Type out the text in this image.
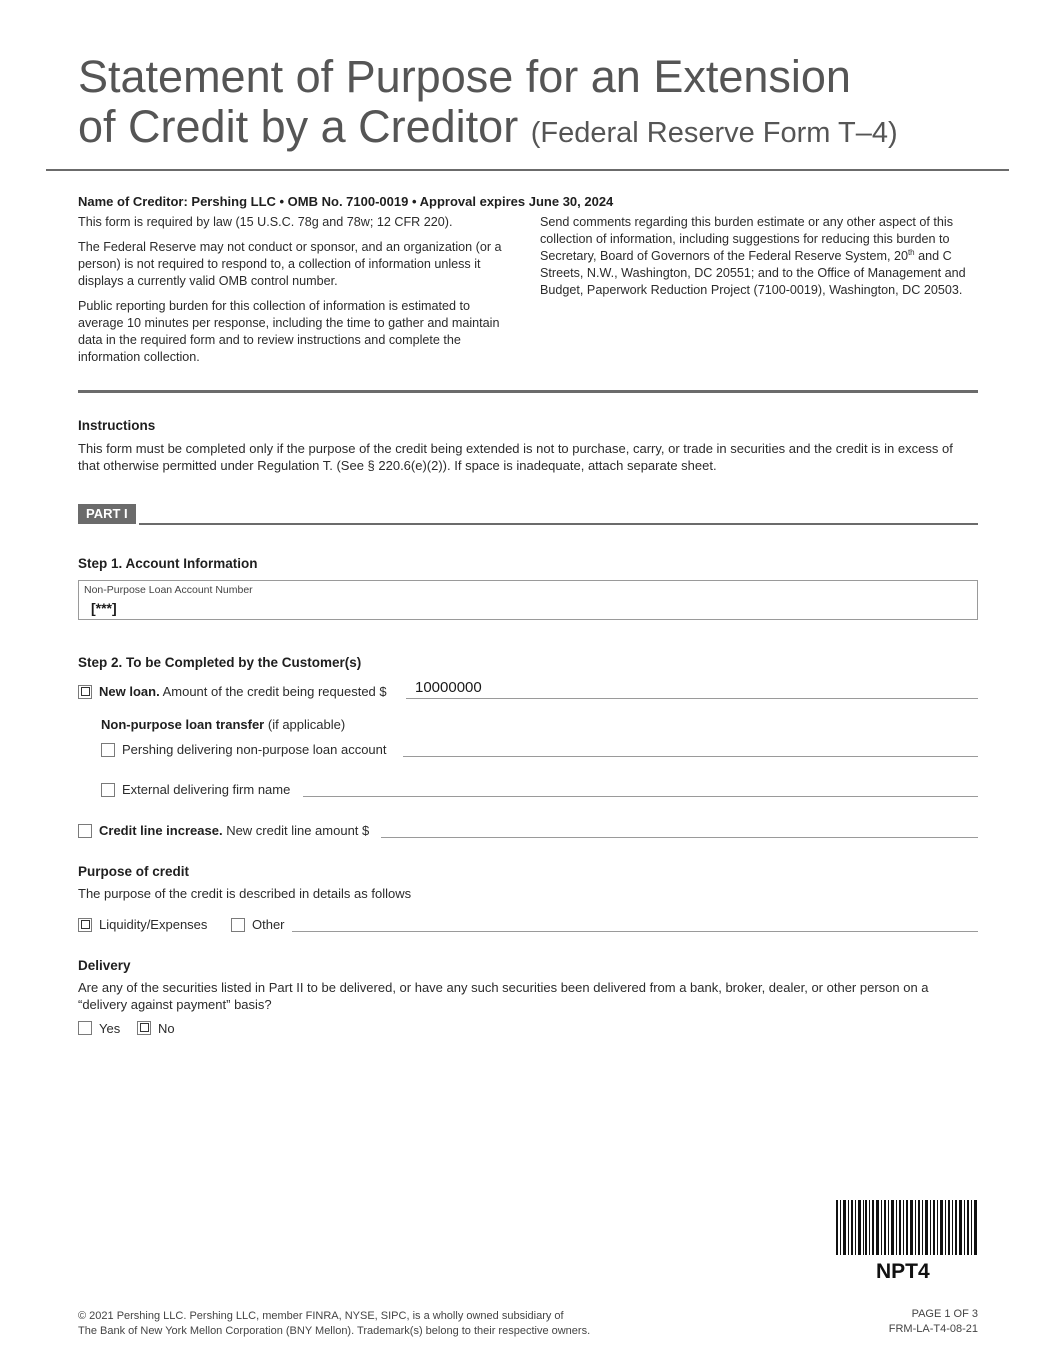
Statement of Purpose for an Extension
of Credit by a Creditor (Federal Reserve Form T–4)
Name of Creditor: Pershing LLC • OMB No. 7100-0019 • Approval expires June 30, 2024

This form is required by law (15 U.S.C. 78g and 78w; 12 CFR 220).

The Federal Reserve may not conduct or sponsor, and an organization (or a person) is not required to respond to, a collection of information unless it displays a currently valid OMB control number.

Public reporting burden for this collection of information is estimated to average 10 minutes per response, including the time to gather and maintain data in the required form and to review instructions and complete the information collection.

Send comments regarding this burden estimate or any other aspect of this collection of information, including suggestions for reducing this burden to Secretary, Board of Governors of the Federal Reserve System, 20th and C Streets, N.W., Washington, DC 20551; and to the Office of Management and Budget, Paperwork Reduction Project (7100-0019), Washington, DC 20503.

Instructions
This form must be completed only if the purpose of the credit being extended is not to purchase, carry, or trade in securities and the credit is in excess of that otherwise permitted under Regulation T. (See § 220.6(e)(2)). If space is inadequate, attach separate sheet.
PART I
Step 1. Account Information
Non-Purpose Loan Account Number
[***]
Step 2. To be Completed by the Customer(s)
New loan. Amount of the credit being requested $ 10000000
Non-purpose loan transfer (if applicable)
Pershing delivering non-purpose loan account
External delivering firm name
Credit line increase. New credit line amount $
Purpose of credit
The purpose of the credit is described in details as follows
Liquidity/Expenses	Other
Delivery
Are any of the securities listed in Part II to be delivered, or have any such securities been delivered from a bank, broker, dealer, or other person on a “delivery against payment” basis?
Yes	No
NPT4
© 2021 Pershing LLC. Pershing LLC, member FINRA, NYSE, SIPC, is a wholly owned subsidiary of
The Bank of New York Mellon Corporation (BNY Mellon). Trademark(s) belong to their respective owners.
PAGE 1 OF 3
FRM-LA-T4-08-21
